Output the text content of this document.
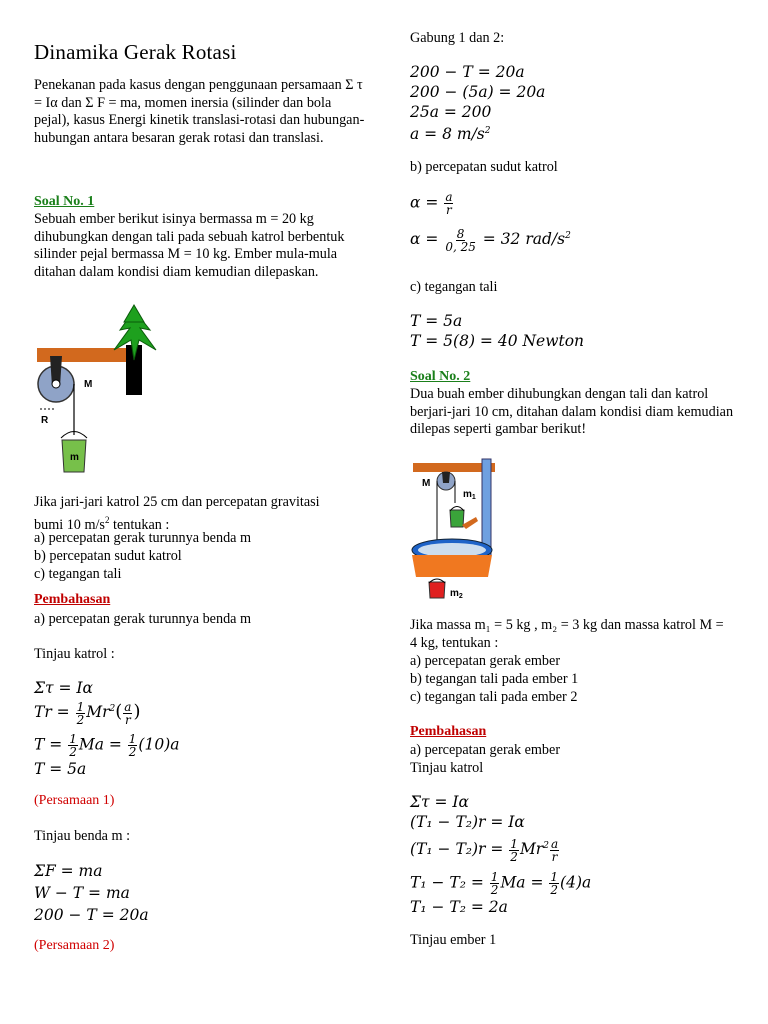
Dinamika Gerak Rotasi
Penekanan pada kasus dengan penggunaan persamaan Σ τ = Iα dan Σ F = ma, momen inersia (silinder dan bola pejal), kasus Energi kinetik translasi-rotasi dan hubungan-hubungan antara besaran gerak rotasi dan translasi.
Soal No. 1
Sebuah ember berikut isinya bermassa m = 20 kg dihubungkan dengan tali pada sebuah katrol berbentuk silinder pejal bermassa M = 10 kg. Ember mula-mula ditahan dalam kondisi diam kemudian dilepaskan.
M
R
m
Jika jari-jari katrol 25 cm dan percepatan gravitasi
bumi 10 $m/s^2$ tentukan :
a) percepatan gerak turunnya benda m
b) percepatan sudut katrol
c) tegangan tali
Pembahasan
a) percepatan gerak turunnya benda m
Tinjau katrol :
Στ = Iα
$Tr = \frac{1}{2} Mr^2( \frac{a}{r}$ )
$T = \frac{1}{2}$ $Ma = \frac{1}{2} (10)a$
T = 5a
(Persamaan 1)
Tinjau benda m :
ΣF = ma
W − T = ma
200 − T = 20a
(Persamaan 2)
Gabung 1 dan 2:
200 − T = 20a
200 − (5a) = 20a
25a = 200
a = 8 $m/s^2$
b) percepatan sudut katrol
$\alpha = \frac{a}{r}$
$\alpha = \frac{8}{0, 25} = 32$ rad/$s^2$
c) tegangan tali
T = 5a
T = 5(8) = 40 Newton
Soal No. 2
Dua buah ember dihubungkan dengan tali dan katrol berjari-jari 10 cm, ditahan dalam kondisi diam kemudian dilepas seperti gambar berikut!
M
$m_1$
$m_2$
Jika massa m₁ = 5 kg , m₂ = 3 kg dan massa katrol M =
4 kg, tentukan :
a) percepatan gerak ember
b) tegangan tali pada ember 1
c) tegangan tali pada ember 2
Pembahasan
a) percepatan gerak ember
Tinjau katrol
Στ = Iα
(T₁ − T₂)r = Iα
$(T_1 - T_2)r = \frac{1}{2} Mr^2 \frac{a}{r}$
$T_1 - T_2 = \frac{1}{2}$ $Ma = \frac{1}{2} (4)a$
T₁ − T₂ = 2a
Tinjau ember 1
